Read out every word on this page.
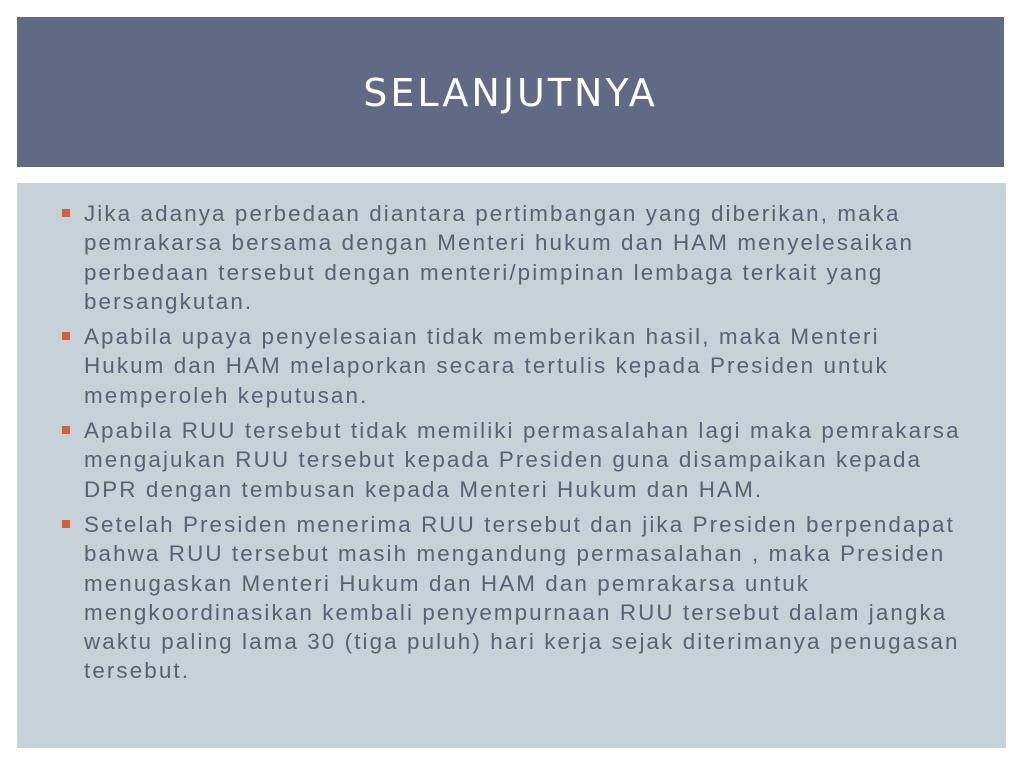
SELANJUTNYA
Jika adanya perbedaan diantara pertimbangan yang diberikan, maka pemrakarsa bersama dengan Menteri hukum dan HAM menyelesaikan perbedaan tersebut dengan menteri/pimpinan lembaga terkait yang bersangkutan.
Apabila upaya penyelesaian tidak memberikan hasil, maka Menteri Hukum dan HAM melaporkan secara tertulis kepada Presiden untuk memperoleh keputusan.
Apabila RUU tersebut tidak memiliki permasalahan lagi maka pemrakarsa mengajukan RUU tersebut kepada Presiden guna disampaikan kepada DPR dengan tembusan kepada Menteri Hukum dan HAM.
Setelah Presiden menerima RUU tersebut dan jika Presiden berpendapat bahwa RUU tersebut masih mengandung permasalahan , maka Presiden menugaskan Menteri Hukum dan HAM dan pemrakarsa untuk mengkoordinasikan kembali penyempurnaan RUU tersebut dalam jangka waktu paling lama 30 (tiga puluh) hari kerja sejak diterimanya penugasan tersebut.
